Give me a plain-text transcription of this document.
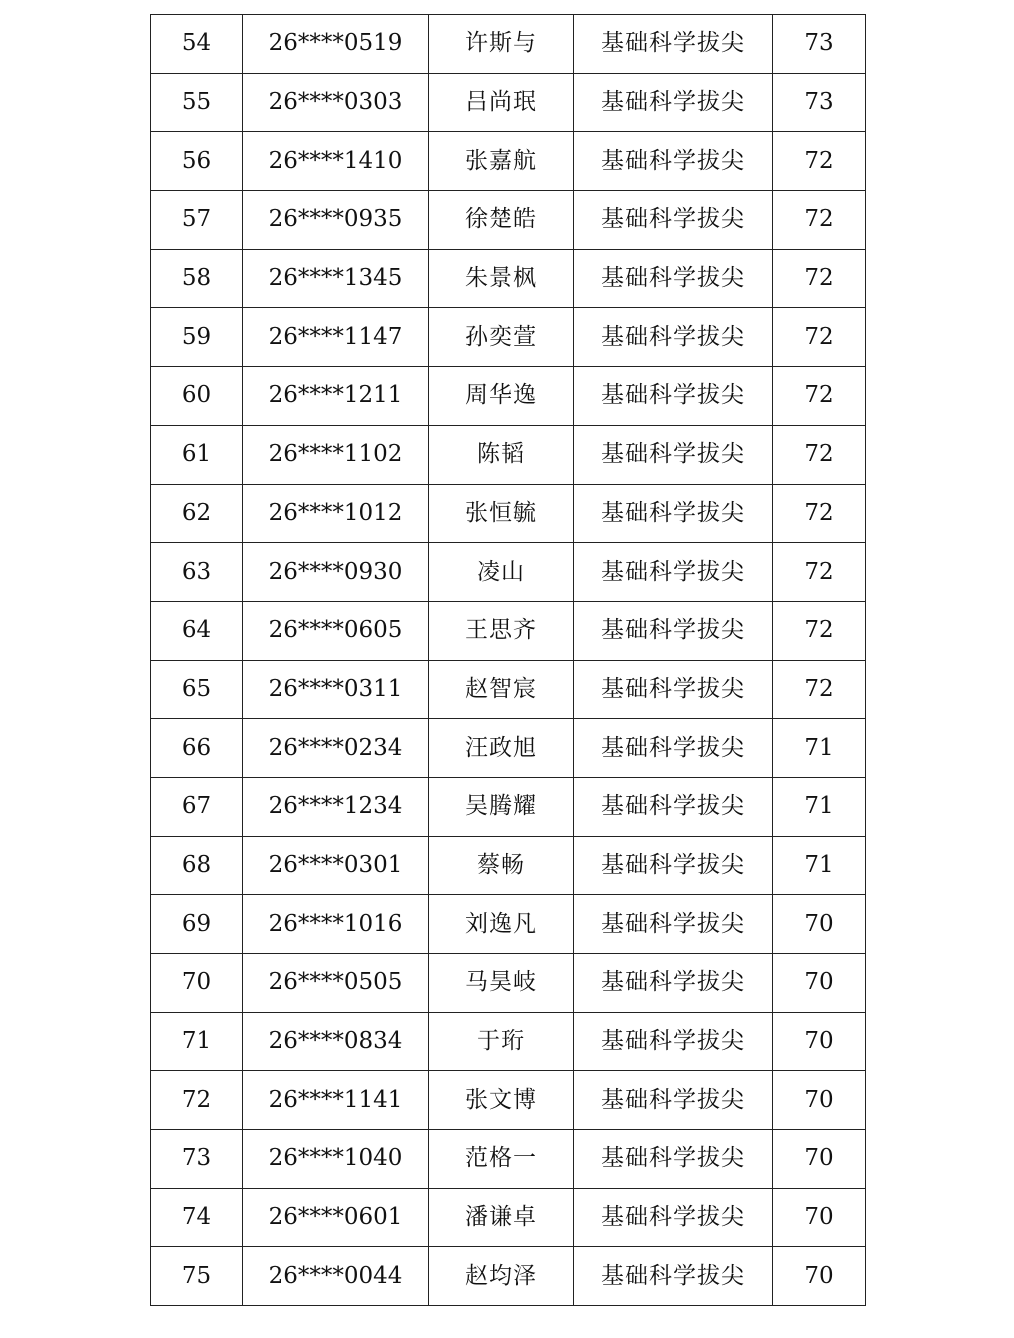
54	26****0519	许斯与	基础科学拔尖	73
55	26****0303	吕尚珉	基础科学拔尖	73
56	26****1410	张嘉航	基础科学拔尖	72
57	26****0935	徐楚皓	基础科学拔尖	72
58	26****1345	朱景枫	基础科学拔尖	72
59	26****1147	孙奕萱	基础科学拔尖	72
60	26****1211	周华逸	基础科学拔尖	72
61	26****1102	陈韬	基础科学拔尖	72
62	26****1012	张恒毓	基础科学拔尖	72
63	26****0930	凌山	基础科学拔尖	72
64	26****0605	王思齐	基础科学拔尖	72
65	26****0311	赵智宸	基础科学拔尖	72
66	26****0234	汪政旭	基础科学拔尖	71
67	26****1234	吴腾耀	基础科学拔尖	71
68	26****0301	蔡畅	基础科学拔尖	71
69	26****1016	刘逸凡	基础科学拔尖	70
70	26****0505	马昊岐	基础科学拔尖	70
71	26****0834	于珩	基础科学拔尖	70
72	26****1141	张文博	基础科学拔尖	70
73	26****1040	范格一	基础科学拔尖	70
74	26****0601	潘谦卓	基础科学拔尖	70
75	26****0044	赵均泽	基础科学拔尖	70
